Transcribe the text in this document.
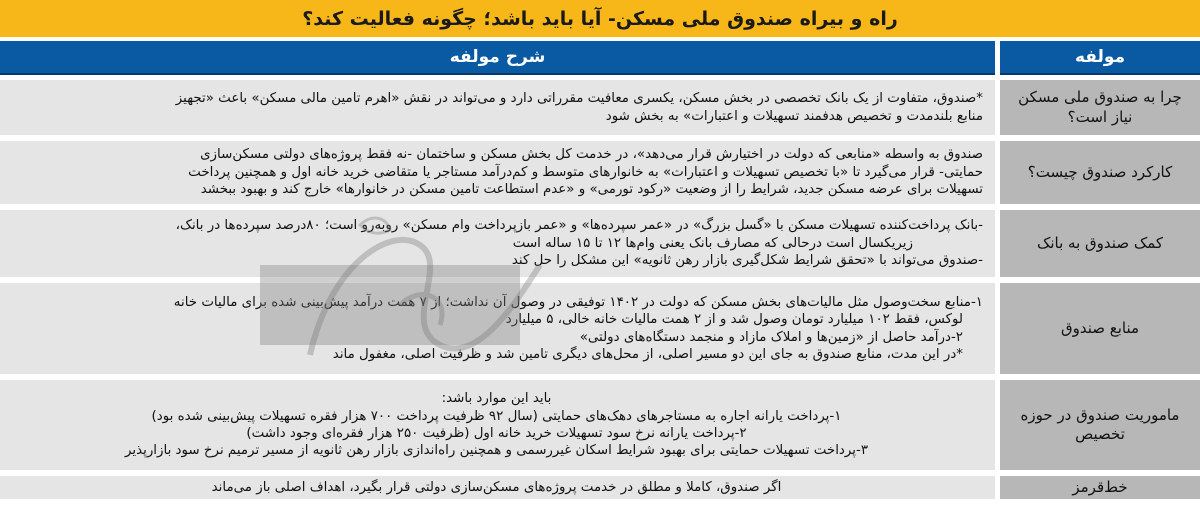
راه و بیراه صندوق ملی مسکن- آیا باید باشد؛ چگونه فعالیت کند؟
مولفه
شرح مولفه
چرا به صندوق ملی مسکن نیاز است؟
*صندوق، متفاوت از یک بانک تخصصی در بخش مسکن، یکسری معافیت مقرراتی دارد و می‌تواند در نقش «اهرم تامین مالی مسکن» باعث «تجهیز
منابع بلندمدت و تخصیص هدفمند تسهیلات و اعتبارات» به بخش شود
کارکرد صندوق چیست؟
صندوق به واسطه «منابعی که دولت در اختیارش قرار می‌دهد»، در خدمت کل بخش مسکن و ساختمان -نه فقط پروژه‌های دولتی مسکن‌سازی
حمایتی- قرار می‌گیرد تا «با تخصیص تسهیلات و اعتبارات» به خانوارهای متوسط و کم‌درآمد مستاجر یا متقاضی خرید خانه اول و همچنین پرداخت
تسهیلات برای عرضه مسکن جدید، شرایط را از وضعیت «رکود تورمی» و «عدم استطاعت تامین مسکن در خانوارها» خارج کند و بهبود ببخشد
کمک صندوق به بانک
-بانک پرداخت‌کننده تسهیلات مسکن با «گسل بزرگ» در «عمر سپرده‌ها» و «عمر بازپرداخت وام مسکن» روبه‌رو است؛ ۸۰درصد سپرده‌ها در بانک،
زیریکسال است درحالی که مصارف بانک یعنی وام‌ها ۱۲ تا ۱۵ ساله است
-صندوق می‌تواند با «تحقق شرایط شکل‌گیری بازار رهن ثانویه» این مشکل را حل کند
منابع صندوق
۱-منابع سخت‌وصول مثل مالیات‌های بخش مسکن که دولت در ۱۴۰۲ توفیقی در وصول آن نداشت؛ از ۷ همت درآمد پیش‌بینی شده برای مالیات خانه
لوکس، فقط ۱۰۲ میلیارد تومان وصول شد و از ۲ همت مالیات خانه خالی، ۵ میلیارد
۲-درآمد حاصل از «زمین‌ها و املاک مازاد و منجمد دستگاه‌های دولتی»
*در این مدت، منابع صندوق به جای این دو مسیر اصلی، از محل‌های دیگری تامین شد و ظرفیت اصلی، مغفول ماند
ماموریت صندوق در حوزه تخصیص
باید این موارد باشد:
۱-پرداخت یارانه اجاره به مستاجرهای دهک‌های حمایتی (سال ۹۲ ظرفیت پرداخت ۷۰۰ هزار فقره تسهیلات پیش‌بینی شده بود)
۲-پرداخت یارانه نرخ سود تسهیلات خرید خانه اول (ظرفیت ۲۵۰ هزار فقره‌ای وجود داشت)
۳-پرداخت تسهیلات حمایتی برای بهبود شرایط اسکان غیررسمی و همچنین راه‌اندازی بازار رهن ثانویه از مسیر ترمیم نرخ سود بازارپذیر
خط‌قرمز
اگر صندوق، کاملا و مطلق در خدمت پروژه‌های مسکن‌سازی دولتی قرار بگیرد، اهداف اصلی باز می‌ماند
